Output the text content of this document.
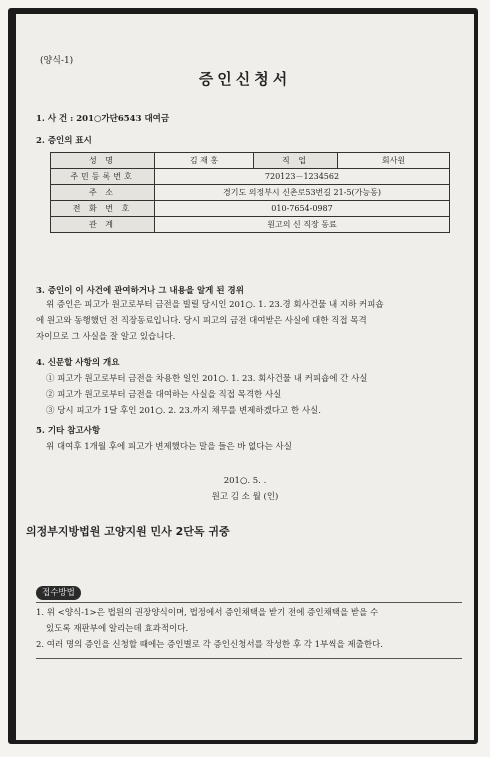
(양식-1)
증인신청서
1. 사 건 : 201○가단6543 대여금
2. 증인의 표시
성 명	김 재 홍	직 업	회사원
주민등록번호	720123－1234562		
주 소	경기도 의정부시 신촌로53번길 21-5(가능동)		
전 화 번 호	010-7654-0987		
관 계	원고의 신 직장 동료		
3. 증인이 이 사건에 관여하거나 그 내용을 알게 된 경위
위 증인은 피고가 원고로부터 금전을 빌릴 당시인 201○. 1. 23.경 회사건물 내 지하 커피숍
에 원고와 동행했던 전 직장동료입니다. 당시 피고의 금전 대여받은 사실에 대한 직접 목격
자이므로 그 사실을 잘 알고 있습니다.
4. 신문할 사항의 개요
① 피고가 원고로부터 금전을 차용한 일인 201○. 1. 23. 회사건물 내 커피숍에 간 사실
② 피고가 원고로부터 금전을 대여하는 사실을 직접 목격한 사실
③ 당시 피고가 1달 후인 201○. 2. 23.까지 채무를 변제하겠다고 한 사실.
5. 기타 참고사항
위 대여후 1개월 후에 피고가 변제했다는 말을 들은 바 없다는 사실
201○. 5. .
원고 김 소 월 (인)
의정부지방법원 고양지원 민사 2단독 귀중
접수방법
1. 위 <양식-1>은 법원의 권장양식이며, 법정에서 증인채택을 받기 전에 증인채택을 받을 수
있도록 재판부에 알리는데 효과적이다.
2. 여러 명의 증인을 신청할 때에는 증인별로 각 증인신청서를 작성한 후 각 1부씩을 제출한다.
